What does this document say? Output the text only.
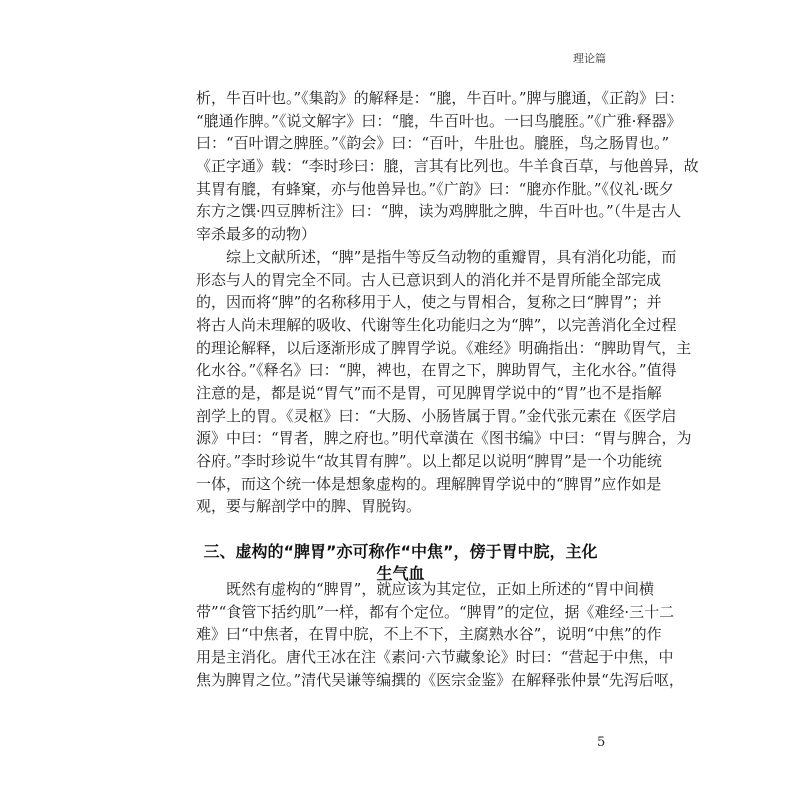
理论篇
析，牛百叶也。”《集韵》的解释是：“膍，牛百叶。”脾与膍通，《正韵》曰：
“膍通作脾。”《说文解字》曰：“膍，牛百叶也。一曰鸟膍胵。”《广雅·释器》
曰：“百叶谓之脾胵。”《韵会》曰：“百叶，牛肚也。膍胵，鸟之肠胃也。”
《正字通》载：“李时珍曰：膍，言其有比列也。牛羊食百草，与他兽异，故
其胃有膍，有蜂窠，亦与他兽异也。”《广韵》曰：“膍亦作肶。”《仪礼·既夕
东方之馔·四豆脾析注》曰：“脾，读为鸡脾肶之脾，牛百叶也。”（牛是古人
宰杀最多的动物）
　　综上文献所述，“脾”是指牛等反刍动物的重瓣胃，具有消化功能，而
形态与人的胃完全不同。古人已意识到人的消化并不是胃所能全部完成
的，因而将“脾”的名称移用于人，使之与胃相合，复称之曰“脾胃”；并
将古人尚未理解的吸收、代谢等生化功能归之为“脾”，以完善消化全过程
的理论解释，以后逐渐形成了脾胃学说。《难经》明确指出：“脾助胃气，主
化水谷。”《释名》曰：“脾，裨也，在胃之下，脾助胃气，主化水谷。”值得
注意的是，都是说“胃气”而不是胃，可见脾胃学说中的“胃”也不是指解
剖学上的胃。《灵枢》曰：“大肠、小肠皆属于胃。”金代张元素在《医学启
源》中曰：“胃者，脾之府也。”明代章潢在《图书编》中曰：“胃与脾合，为
谷府。”李时珍说牛“故其胃有脾”。以上都足以说明“脾胃”是一个功能统
一体，而这个统一体是想象虚构的。理解脾胃学说中的“脾胃”应作如是
观，要与解剖学中的脾、胃脱钩。
三、虚构的“脾胃”亦可称作“中焦”，傍于胃中脘，主化生气血
　　既然有虚构的“脾胃”，就应该为其定位，正如上所述的“胃中间横
带”“食管下括约肌”一样，都有个定位。“脾胃”的定位，据《难经·三十二
难》曰“中焦者，在胃中脘，不上不下，主腐熟水谷”，说明“中焦”的作
用是主消化。唐代王冰在注《素问·六节藏象论》时曰：“营起于中焦，中
焦为脾胃之位。”清代吴谦等编撰的《医宗金鉴》在解释张仲景“先泻后呕，
5
